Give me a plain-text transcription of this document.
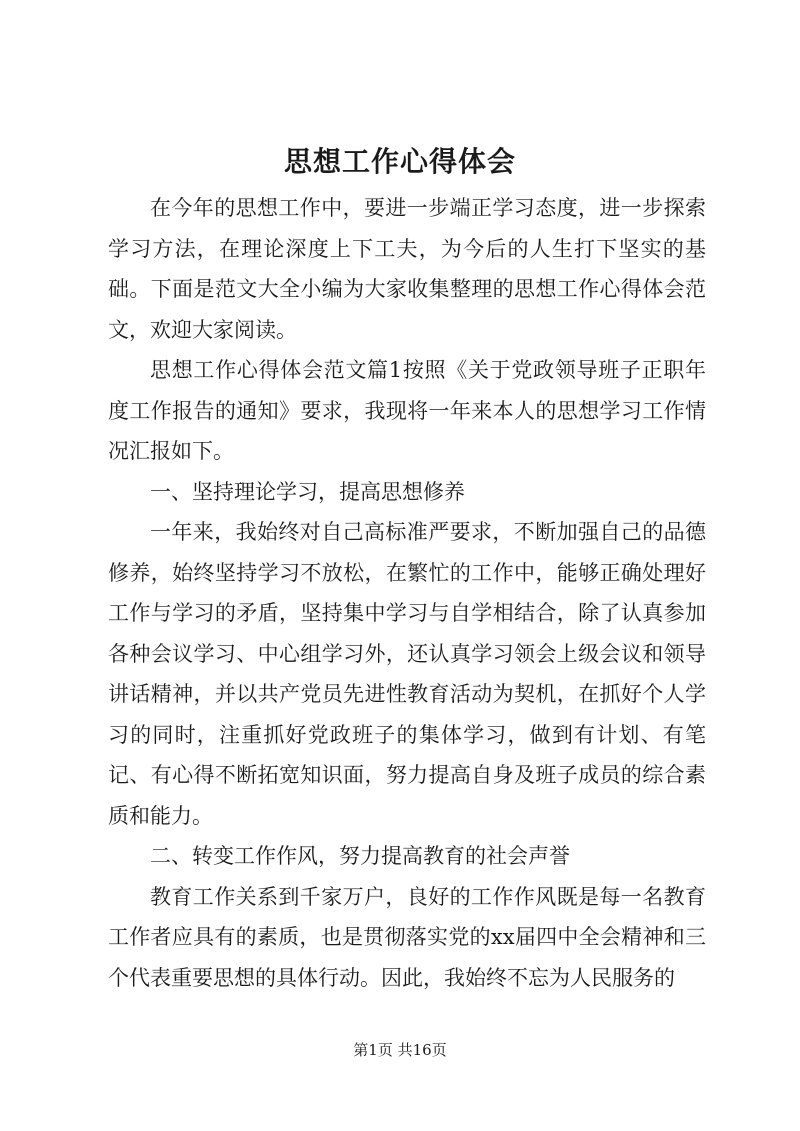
思想工作心得体会

在今年的思想工作中，要进一步端正学习态度，进一步探索学习方法，在理论深度上下工夫，为今后的人生打下坚实的基础。下面是范文大全小编为大家收集整理的思想工作心得体会范文，欢迎大家阅读。

思想工作心得体会范文篇1按照《关于党政领导班子正职年度工作报告的通知》要求，我现将一年来本人的思想学习工作情况汇报如下。

一、坚持理论学习，提高思想修养

一年来，我始终对自己高标准严要求，不断加强自己的品德修养，始终坚持学习不放松，在繁忙的工作中，能够正确处理好工作与学习的矛盾，坚持集中学习与自学相结合，除了认真参加各种会议学习、中心组学习外，还认真学习领会上级会议和领导讲话精神，并以共产党员先进性教育活动为契机，在抓好个人学习的同时，注重抓好党政班子的集体学习，做到有计划、有笔记、有心得不断拓宽知识面，努力提高自身及班子成员的综合素质和能力。

二、转变工作作风，努力提高教育的社会声誉

教育工作关系到千家万户，良好的工作作风既是每一名教育工作者应具有的素质，也是贯彻落实党的xx届四中全会精神和三个代表重要思想的具体行动。因此，我始终不忘为人民服务的

第1页 共16页
